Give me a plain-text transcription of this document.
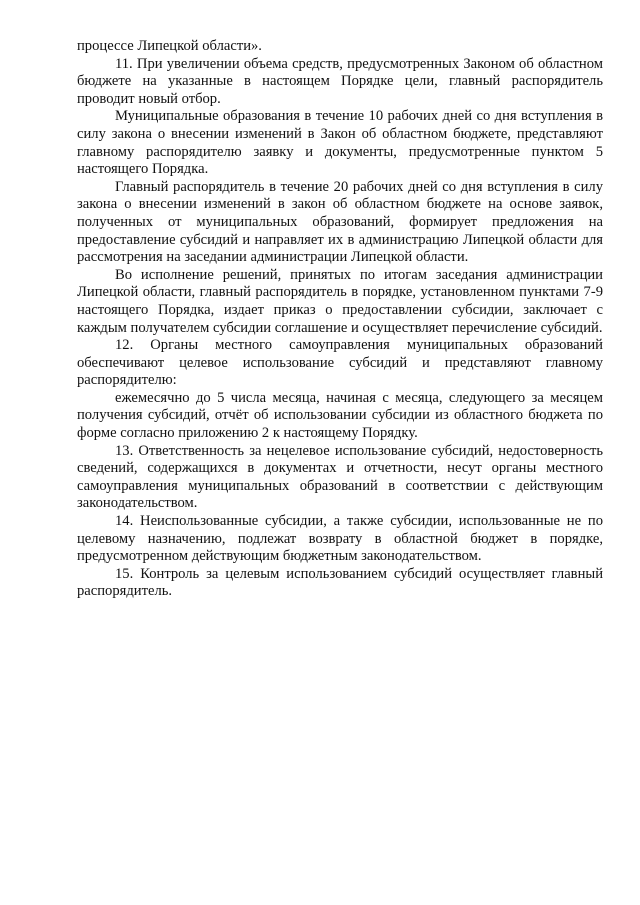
процессе Липецкой области».

11. При увеличении объема средств, предусмотренных Законом об областном бюджете на указанные в настоящем Порядке цели, главный распорядитель проводит новый отбор.

Муниципальные образования в течение 10 рабочих дней со дня вступления в силу закона о внесении изменений в Закон об областном бюджете, представляют главному распорядителю заявку и документы, предусмотренные пунктом 5 настоящего Порядка.

Главный распорядитель в течение 20 рабочих дней со дня вступления в силу закона о внесении изменений в закон об областном бюджете на основе заявок, полученных от муниципальных образований, формирует предложения на предоставление субсидий и направляет их в администрацию Липецкой области для рассмотрения на заседании администрации Липецкой области.

Во исполнение решений, принятых по итогам заседания администрации Липецкой области, главный распорядитель в порядке, установленном пунктами 7-9 настоящего Порядка, издает приказ о предоставлении субсидии, заключает с каждым получателем субсидии соглашение и осуществляет перечисление субсидий.

12. Органы местного самоуправления муниципальных образований обеспечивают целевое использование субсидий и представляют главному распорядителю:

ежемесячно до 5 числа месяца, начиная с месяца, следующего за месяцем получения субсидий, отчёт об использовании субсидии из областного бюджета по форме согласно приложению 2 к настоящему Порядку.

13. Ответственность за нецелевое использование субсидий, недостоверность сведений, содержащихся в документах и отчетности, несут органы местного самоуправления муниципальных образований в соответствии с действующим законодательством.

14. Неиспользованные субсидии, а также субсидии, использованные не по целевому назначению, подлежат возврату в областной бюджет в порядке, предусмотренном действующим бюджетным законодательством.

15. Контроль за целевым использованием субсидий осуществляет главный распорядитель.
